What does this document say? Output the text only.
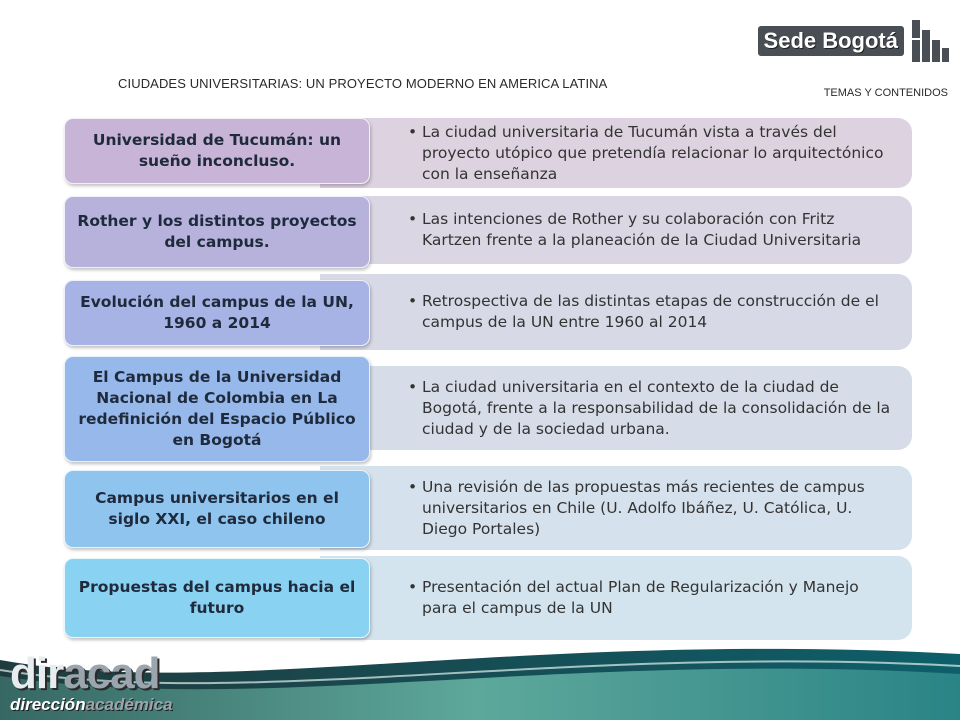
Sede Bogotá
CIUDADES UNIVERSITARIAS: UN PROYECTO MODERNO EN AMERICA LATINA
TEMAS Y CONTENIDOS
• La ciudad universitaria de Tucumán vista a través del proyecto utópico que pretendía relacionar lo arquitectónico con la enseñanza
Universidad de Tucumán: un sueño inconcluso.
• Las intenciones de Rother y su colaboración con Fritz Kartzen frente a la planeación de la Ciudad Universitaria
Rother y los distintos proyectos del campus.
• Retrospectiva de las distintas etapas de construcción de el campus de la UN entre 1960 al 2014
Evolución del campus de la UN, 1960 a 2014
• La ciudad universitaria en el contexto de la ciudad de Bogotá, frente a la responsabilidad de la consolidación de la ciudad y de la sociedad urbana.
El Campus de la Universidad Nacional de Colombia en La redefinición del Espacio Público en Bogotá
• Una revisión de las propuestas más recientes de campus universitarios en Chile (U. Adolfo Ibáñez, U. Católica, U. Diego Portales)
Campus universitarios en el siglo XXI, el caso chileno
• Presentación del actual Plan de Regularización y Manejo para el campus de la UN
Propuestas del campus hacia el futuro
diracad
direcciónacadémica
